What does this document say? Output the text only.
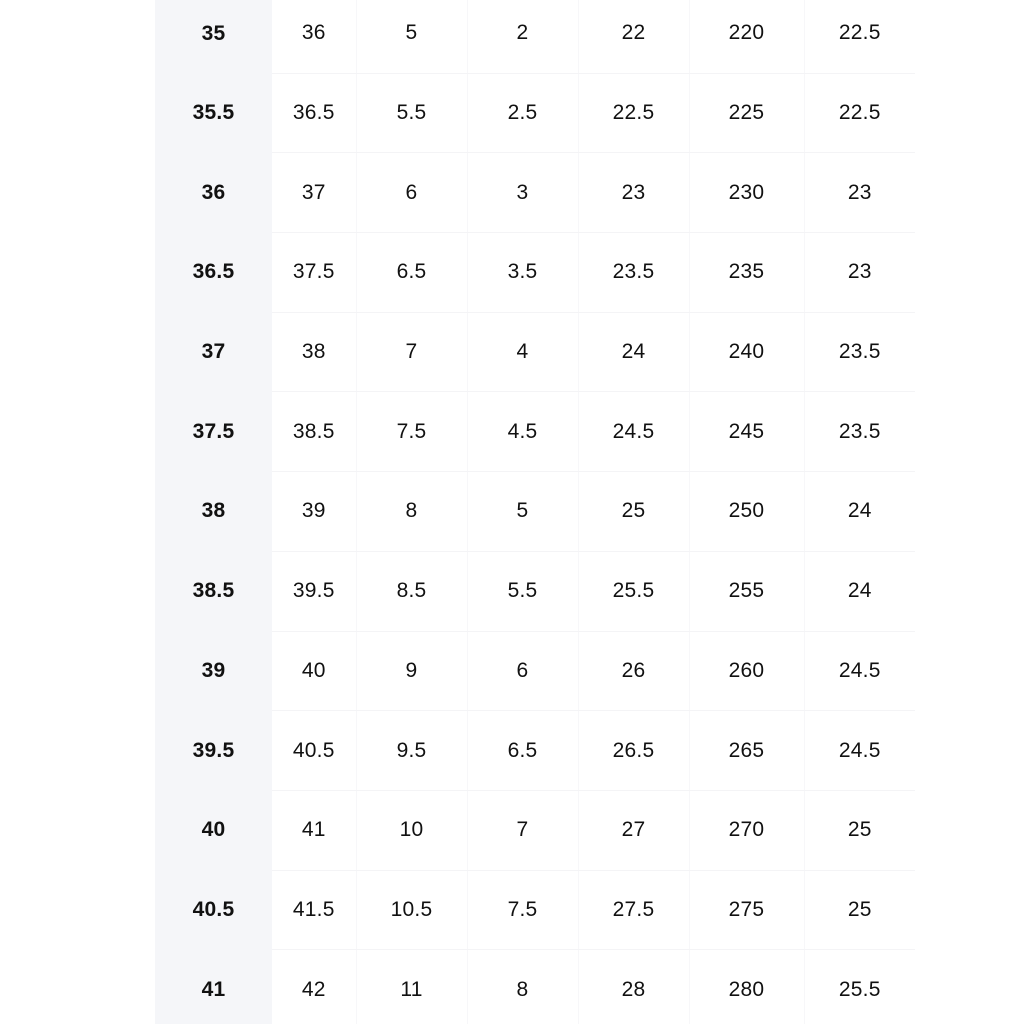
35	36	5	2	22	220	22.5
35.5	36.5	5.5	2.5	22.5	225	22.5
36	37	6	3	23	230	23
36.5	37.5	6.5	3.5	23.5	235	23
37	38	7	4	24	240	23.5
37.5	38.5	7.5	4.5	24.5	245	23.5
38	39	8	5	25	250	24
38.5	39.5	8.5	5.5	25.5	255	24
39	40	9	6	26	260	24.5
39.5	40.5	9.5	6.5	26.5	265	24.5
40	41	10	7	27	270	25
40.5	41.5	10.5	7.5	27.5	275	25
41	42	11	8	28	280	25.5
